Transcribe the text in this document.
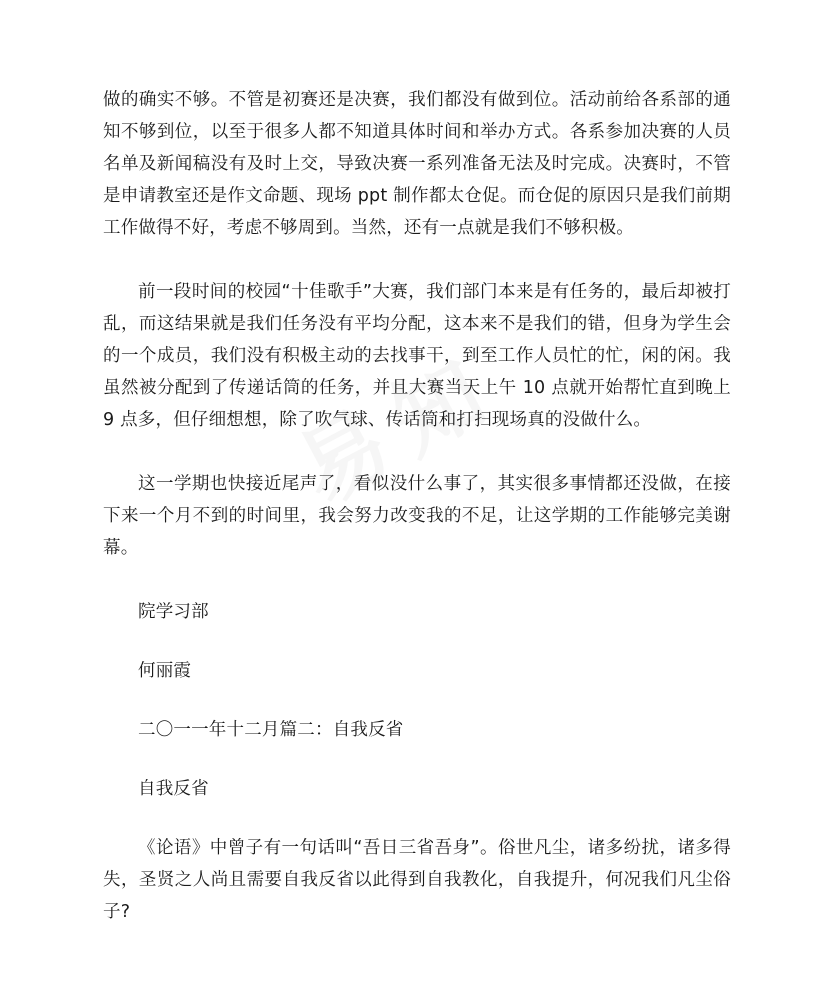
做的确实不够。不管是初赛还是决赛，我们都没有做到位。活动前给各系部的通知不够到位，以至于很多人都不知道具体时间和举办方式。各系参加决赛的人员名单及新闻稿没有及时上交，导致决赛一系列准备无法及时完成。决赛时，不管是申请教室还是作文命题、现场 ppt 制作都太仓促。而仓促的原因只是我们前期工作做得不好，考虑不够周到。当然，还有一点就是我们不够积极。

前一段时间的校园“十佳歌手”大赛，我们部门本来是有任务的，最后却被打乱，而这结果就是我们任务没有平均分配，这本来不是我们的错，但身为学生会的一个成员，我们没有积极主动的去找事干，到至工作人员忙的忙，闲的闲。我虽然被分配到了传递话筒的任务，并且大赛当天上午 10 点就开始帮忙直到晚上 9 点多，但仔细想想，除了吹气球、传话筒和打扫现场真的没做什么。

这一学期也快接近尾声了，看似没什么事了，其实很多事情都还没做，在接下来一个月不到的时间里，我会努力改变我的不足，让这学期的工作能够完美谢幕。

院学习部

何丽霞

二〇一一年十二月篇二：自我反省

自我反省

《论语》中曾子有一句话叫“吾日三省吾身”。俗世凡尘，诸多纷扰，诸多得失，圣贤之人尚且需要自我反省以此得到自我教化，自我提升，何况我们凡尘俗子?
